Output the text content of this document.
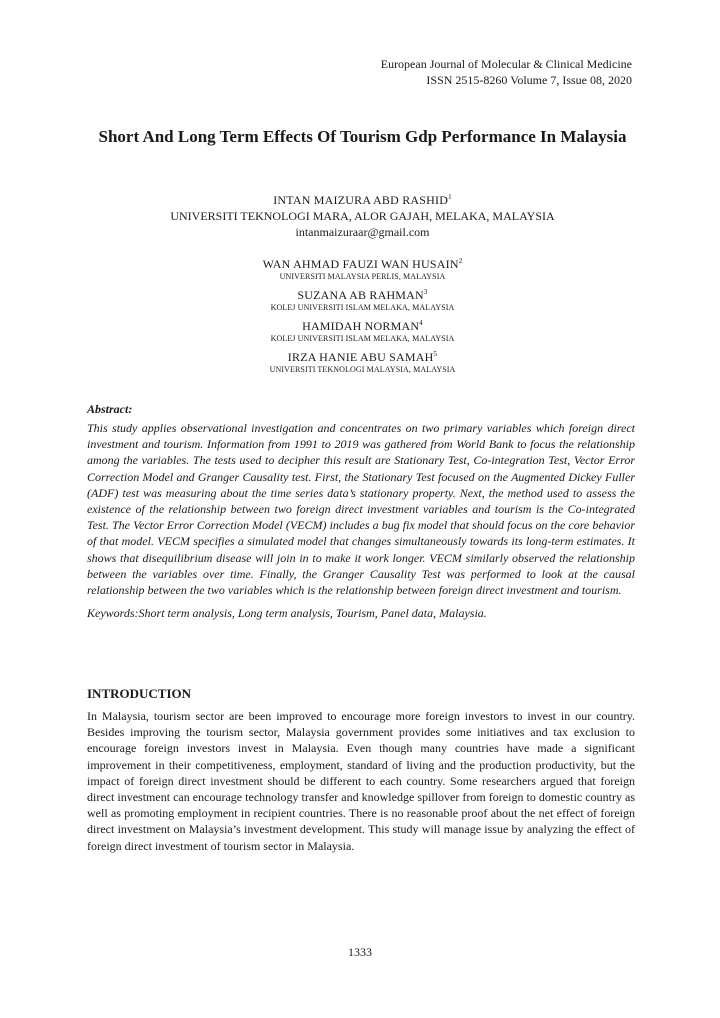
European Journal of Molecular & Clinical Medicine
ISSN 2515-8260 Volume 7, Issue 08, 2020
Short And Long Term Effects Of Tourism Gdp Performance In Malaysia
INTAN MAIZURA ABD RASHID$^1$
UNIVERSITI TEKNOLOGI MARA, ALOR GAJAH, MELAKA, MALAYSIA
intanmaizuraar@gmail.com
WAN AHMAD FAUZI WAN HUSAIN$^2$
UNIVERSITI MALAYSIA PERLIS, MALAYSIA
SUZANA AB RAHMAN$^3$
KOLEJ UNIVERSITI ISLAM MELAKA, MALAYSIA
HAMIDAH NORMAN$^4$
KOLEJ UNIVERSITI ISLAM MELAKA, MALAYSIA
IRZA HANIE ABU SAMAH$^5$
UNIVERSITI TEKNOLOGI MALAYSIA, MALAYSIA

Abstract:

This study applies observational investigation and concentrates on two primary variables which foreign direct investment and tourism. Information from 1991 to 2019 was gathered from World Bank to focus the relationship among the variables. The tests used to decipher this result are Stationary Test, Co-integration Test, Vector Error Correction Model and Granger Causality test. First, the Stationary Test focused on the Augmented Dickey Fuller (ADF) test was measuring about the time series data’s stationary property. Next, the method used to assess the existence of the relationship between two foreign direct investment variables and tourism is the Co-integrated Test. The Vector Error Correction Model (VECM) includes a bug fix model that should focus on the core behavior of that model. VECM specifies a simulated model that changes simultaneously towards its long-term estimates. It shows that disequilibrium disease will join in to make it work longer. VECM similarly observed the relationship between the variables over time. Finally, the Granger Causality Test was performed to look at the causal relationship between the two variables which is the relationship between foreign direct investment and tourism.

Keywords:Short term analysis, Long term analysis, Tourism, Panel data, Malaysia.

INTRODUCTION

In Malaysia, tourism sector are been improved to encourage more foreign investors to invest in our country. Besides improving the tourism sector, Malaysia government provides some initiatives and tax exclusion to encourage foreign investors invest in Malaysia. Even though many countries have made a significant improvement in their competitiveness, employment, standard of living and the production productivity, but the impact of foreign direct investment should be different to each country. Some researchers argued that foreign direct investment can encourage technology transfer and knowledge spillover from foreign to domestic country as well as promoting employment in recipient countries. There is no reasonable proof about the net effect of foreign direct investment on Malaysia’s investment development. This study will manage issue by analyzing the effect of foreign direct investment of tourism sector in Malaysia.

1333
